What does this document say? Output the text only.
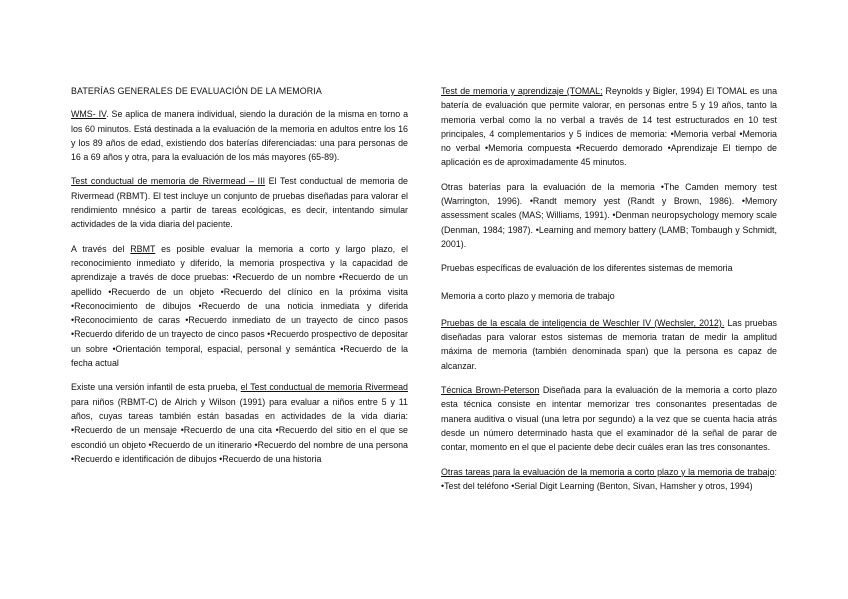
BATERÍAS GENERALES DE EVALUACIÓN DE LA MEMORIA

WMS- IV. Se aplica de manera individual, siendo la duración de la misma en torno a los 60 minutos. Está destinada a la evaluación de la memoria en adultos entre los 16 y los 89 años de edad, existiendo dos baterías diferenciadas: una para personas de 16 a 69 años y otra, para la evaluación de los más mayores (65-89).

Test conductual de memoria de Rivermead – III El Test conductual de memoria de Rivermead (RBMT). El test incluye un conjunto de pruebas diseñadas para valorar el rendimiento mnésico a partir de tareas ecológicas, es decir, intentando simular actividades de la vida diaria del paciente.

A través del RBMT es posible evaluar la memoria a corto y largo plazo, el reconocimiento inmediato y diferido, la memoria prospectiva y la capacidad de aprendizaje a través de doce pruebas: •Recuerdo de un nombre •Recuerdo de un apellido •Recuerdo de un objeto •Recuerdo del clínico en la próxima visita •Reconocimiento de dibujos •Recuerdo de una noticia inmediata y diferida •Reconocimiento de caras •Recuerdo inmediato de un trayecto de cinco pasos •Recuerdo diferido de un trayecto de cinco pasos •Recuerdo prospectivo de depositar un sobre •Orientación temporal, espacial, personal y semántica •Recuerdo de la fecha actual

Existe una versión infantil de esta prueba, el Test conductual de memoria Rivermead para niños (RBMT-C) de Alrich y Wilson (1991) para evaluar a niños entre 5 y 11 años, cuyas tareas también están basadas en actividades de la vida diaria: •Recuerdo de un mensaje •Recuerdo de una cita •Recuerdo del sitio en el que se escondió un objeto •Recuerdo de un itinerario •Recuerdo del nombre de una persona •Recuerdo e identificación de dibujos •Recuerdo de una historia

Test de memoria y aprendizaje (TOMAL; Reynolds y Bigler, 1994) El TOMAL es una batería de evaluación que permite valorar, en personas entre 5 y 19 años, tanto la memoria verbal como la no verbal a través de 14 test estructurados en 10 test principales, 4 complementarios y 5 índices de memoria: •Memoria verbal •Memoria no verbal •Memoria compuesta •Recuerdo demorado •Aprendizaje El tiempo de aplicación es de aproximadamente 45 minutos.

Otras baterías para la evaluación de la memoria •The Camden memory test (Warrington, 1996). •Randt memory yest (Randt y Brown, 1986). •Memory assessment scales (MAS; Williams, 1991). •Denman neuropsychology memory scale (Denman, 1984; 1987). •Learning and memory battery (LAMB; Tombaugh y Schmidt, 2001).

Pruebas específicas de evaluación de los diferentes sistemas de memoria

Memoria a corto plazo y memoria de trabajo

Pruebas de la escala de inteligencia de Weschler IV (Wechsler, 2012). Las pruebas diseñadas para valorar estos sistemas de memoria tratan de medir la amplitud máxima de memoria (también denominada span) que la persona es capaz de alcanzar.

Técnica Brown-Peterson Diseñada para la evaluación de la memoria a corto plazo esta técnica consiste en intentar memorizar tres consonantes presentadas de manera auditiva o visual (una letra por segundo) a la vez que se cuenta hacia atrás desde un número determinado hasta que el examinador dé la señal de parar de contar, momento en el que el paciente debe decir cuáles eran las tres consonantes.

Otras tareas para la evaluación de la memoria a corto plazo y la memoria de trabajo: •Test del teléfono •Serial Digit Learning (Benton, Sivan, Hamsher y otros, 1994)
